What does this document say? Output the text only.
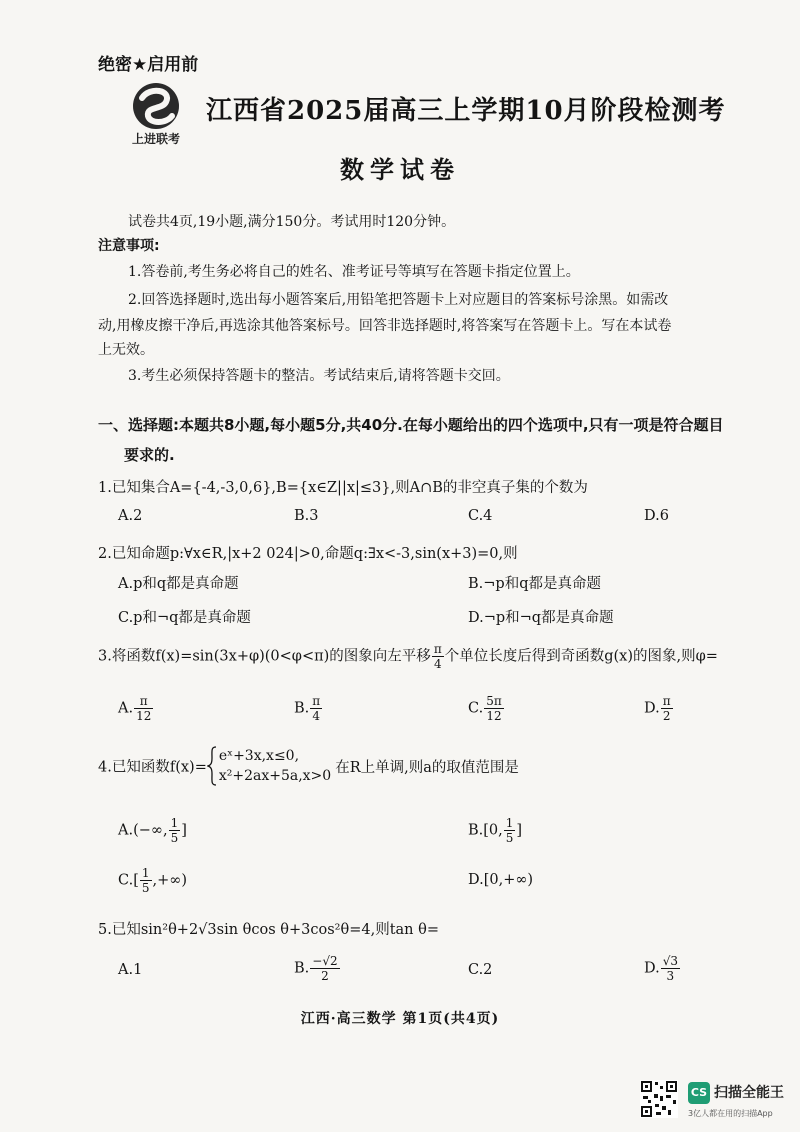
绝密★启用前
上进联考
江西省2025届高三上学期10月阶段检测考
数学试卷
试卷共4页,19小题,满分150分。考试用时120分钟。
注意事项:
1.答卷前,考生务必将自己的姓名、准考证号等填写在答题卡指定位置上。
2.回答选择题时,选出每小题答案后,用铅笔把答题卡上对应题目的答案标号涂黑。如需改
动,用橡皮擦干净后,再选涂其他答案标号。回答非选择题时,将答案写在答题卡上。写在本试卷
上无效。
3.考生必须保持答题卡的整洁。考试结束后,请将答题卡交回。
一、选择题:本题共8小题,每小题5分,共40分.在每小题给出的四个选项中,只有一项是符合题目
要求的.
1.已知集合A={-4,-3,0,6},B={x∈Z||x|≤3},则A∩B的非空真子集的个数为
A.2	B.3	C.4	D.6
2.已知命题p:∀x∈R,|x+2 024|>0,命题q:∃x<-3,sin(x+3)=0,则
A.p和q都是真命题	B.¬p和q都是真命题
C.p和¬q都是真命题	D.¬p和¬q都是真命题
3.将函数f(x)=sin(3x+φ)(0<φ<π)的图象向左平移 $\frac{\pi}{4}$ 个单位长度后得到奇函数g(x)的图象,则φ=
A. $\frac{\pi}{12}$	B. $\frac{\pi}{4}$	C. $\frac{5\pi}{12}$	D. $\frac{\pi}{2}$
4.已知函数f(x)=
eˣ+3x,x≤0,
x²+2ax+5a,x>0
在R上单调,则a的取值范围是
A.(−∞, $\frac{1}{5}$ ]	B.[0, $\frac{1}{5}$ ]
$C.[ \frac{1}{5}$ ,+∞)	D.[0,+∞)
5.已知sin²θ+2√3sin θcos θ+3cos²θ=4,则tan θ=
A.1	B. $\frac{-√2}{2}$	C.2	D. $\frac{√3}{3}$
江西·高三数学 第1页(共4页)
CS 扫描全能王
3亿人都在用的扫描App
